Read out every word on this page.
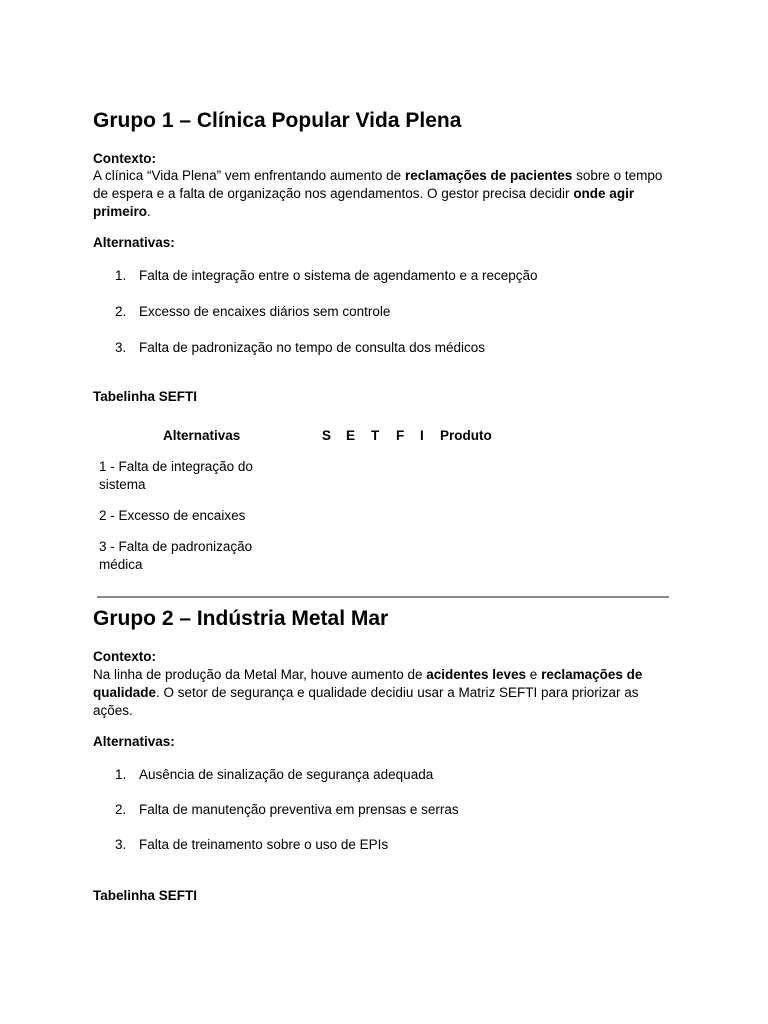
Grupo 1 – Clínica Popular Vida Plena
Contexto:
A clínica “Vida Plena” vem enfrentando aumento de reclamações de pacientes sobre o tempo de espera e a falta de organização nos agendamentos. O gestor precisa decidir onde agir primeiro.
Alternativas:
1. Falta de integração entre o sistema de agendamento e a recepção
2. Excesso de encaixes diários sem controle
3. Falta de padronização no tempo de consulta dos médicos
Tabelinha SEFTI
Alternativas	S E T F I Produto
1 - Falta de integração do sistema
2 - Excesso de encaixes
3 - Falta de padronização médica
Grupo 2 – Indústria Metal Mar
Contexto:
Na linha de produção da Metal Mar, houve aumento de acidentes leves e reclamações de qualidade. O setor de segurança e qualidade decidiu usar a Matriz SEFTI para priorizar as ações.
Alternativas:
1. Ausência de sinalização de segurança adequada
2. Falta de manutenção preventiva em prensas e serras
3. Falta de treinamento sobre o uso de EPIs
Tabelinha SEFTI
